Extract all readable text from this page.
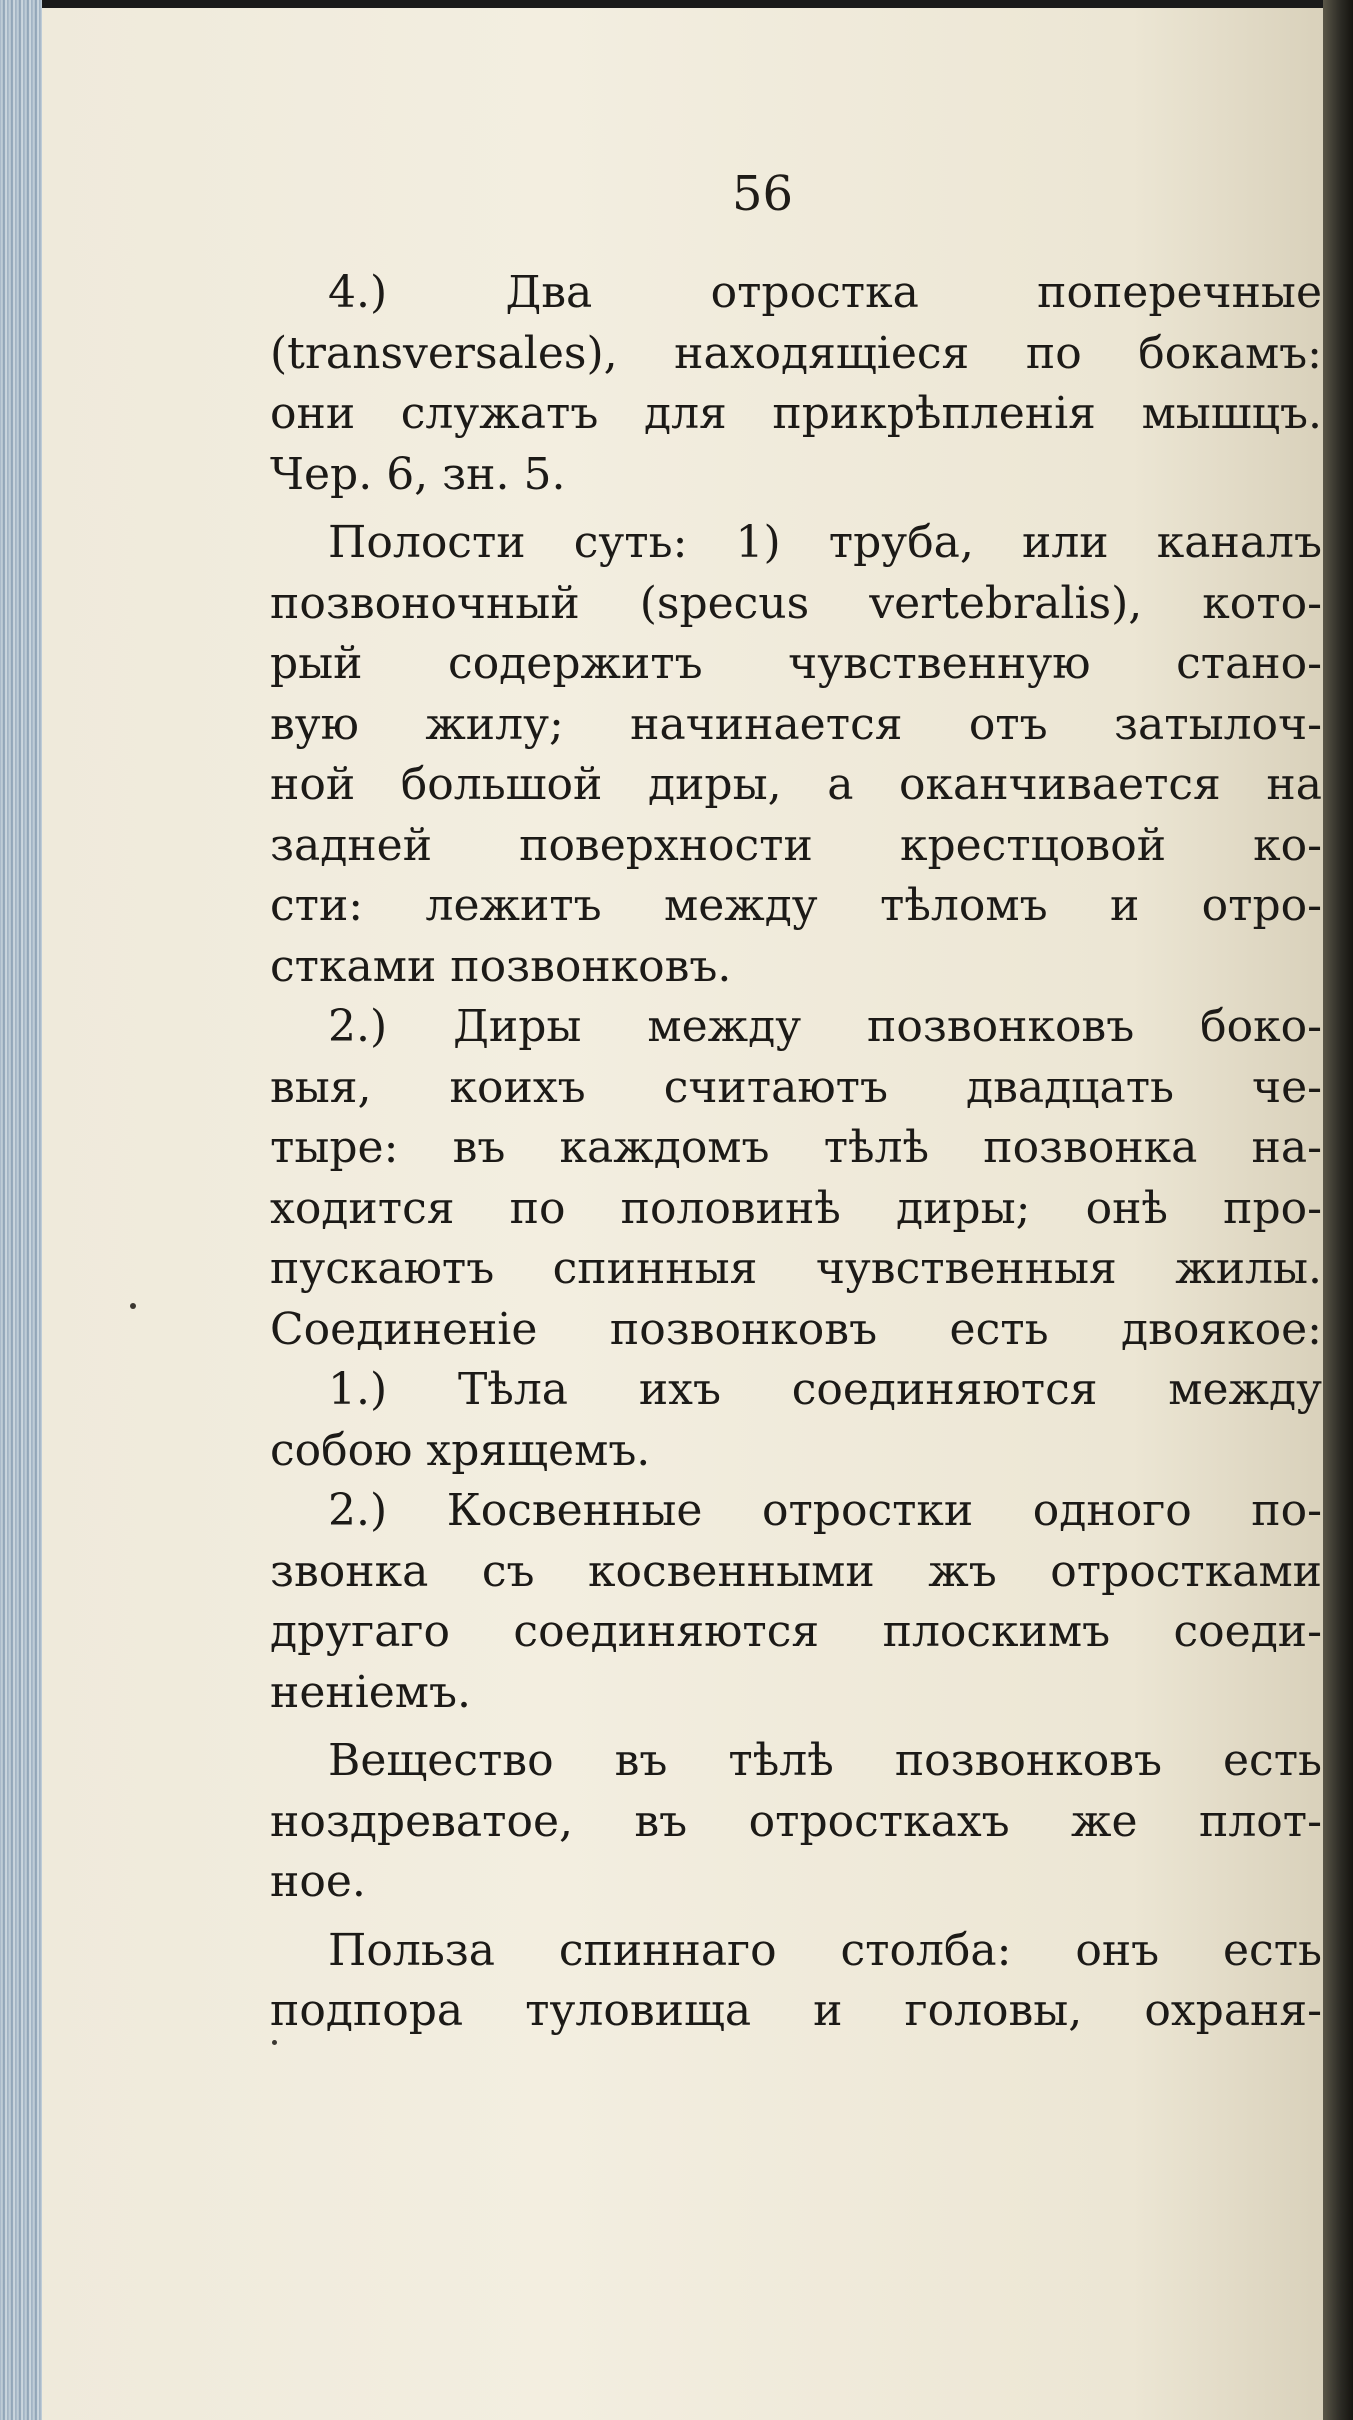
56
4.) Два отростка поперечные
(transversales), находящiеся по бокамъ:
они служатъ для прикрѣпленiя мышцъ.
Чер. 6, зн. 5.
Полости суть: 1) труба, или каналъ
позвоночный (specus vertebralis), кото-
рый содержитъ чувственную стано-
вую жилу; начинается отъ затылоч-
ной большой диры, а оканчивается на
задней поверхности крестцовой ко-
сти: лежитъ между тѣломъ и отро-
стками позвонковъ.
2.) Диры между позвонковъ боко-
выя, коихъ считаютъ двадцать че-
тыре: въ каждомъ тѣлѣ позвонка на-
ходится по половинѣ диры; онѣ про-
пускаютъ спинныя чувственныя жилы.
Соединенiе позвонковъ есть двоякое:
1.) Тѣла ихъ соединяются между
собою хрящемъ.
2.) Косвенные отростки одного по-
звонка съ косвенными жъ отростками
другаго соединяются плоскимъ соеди-
ненiемъ.
Вещество въ тѣлѣ позвонковъ есть
ноздреватое, въ отросткахъ же плот-
ное.
Польза спиннаго столба: онъ есть
подпора туловища и головы, охраня-
